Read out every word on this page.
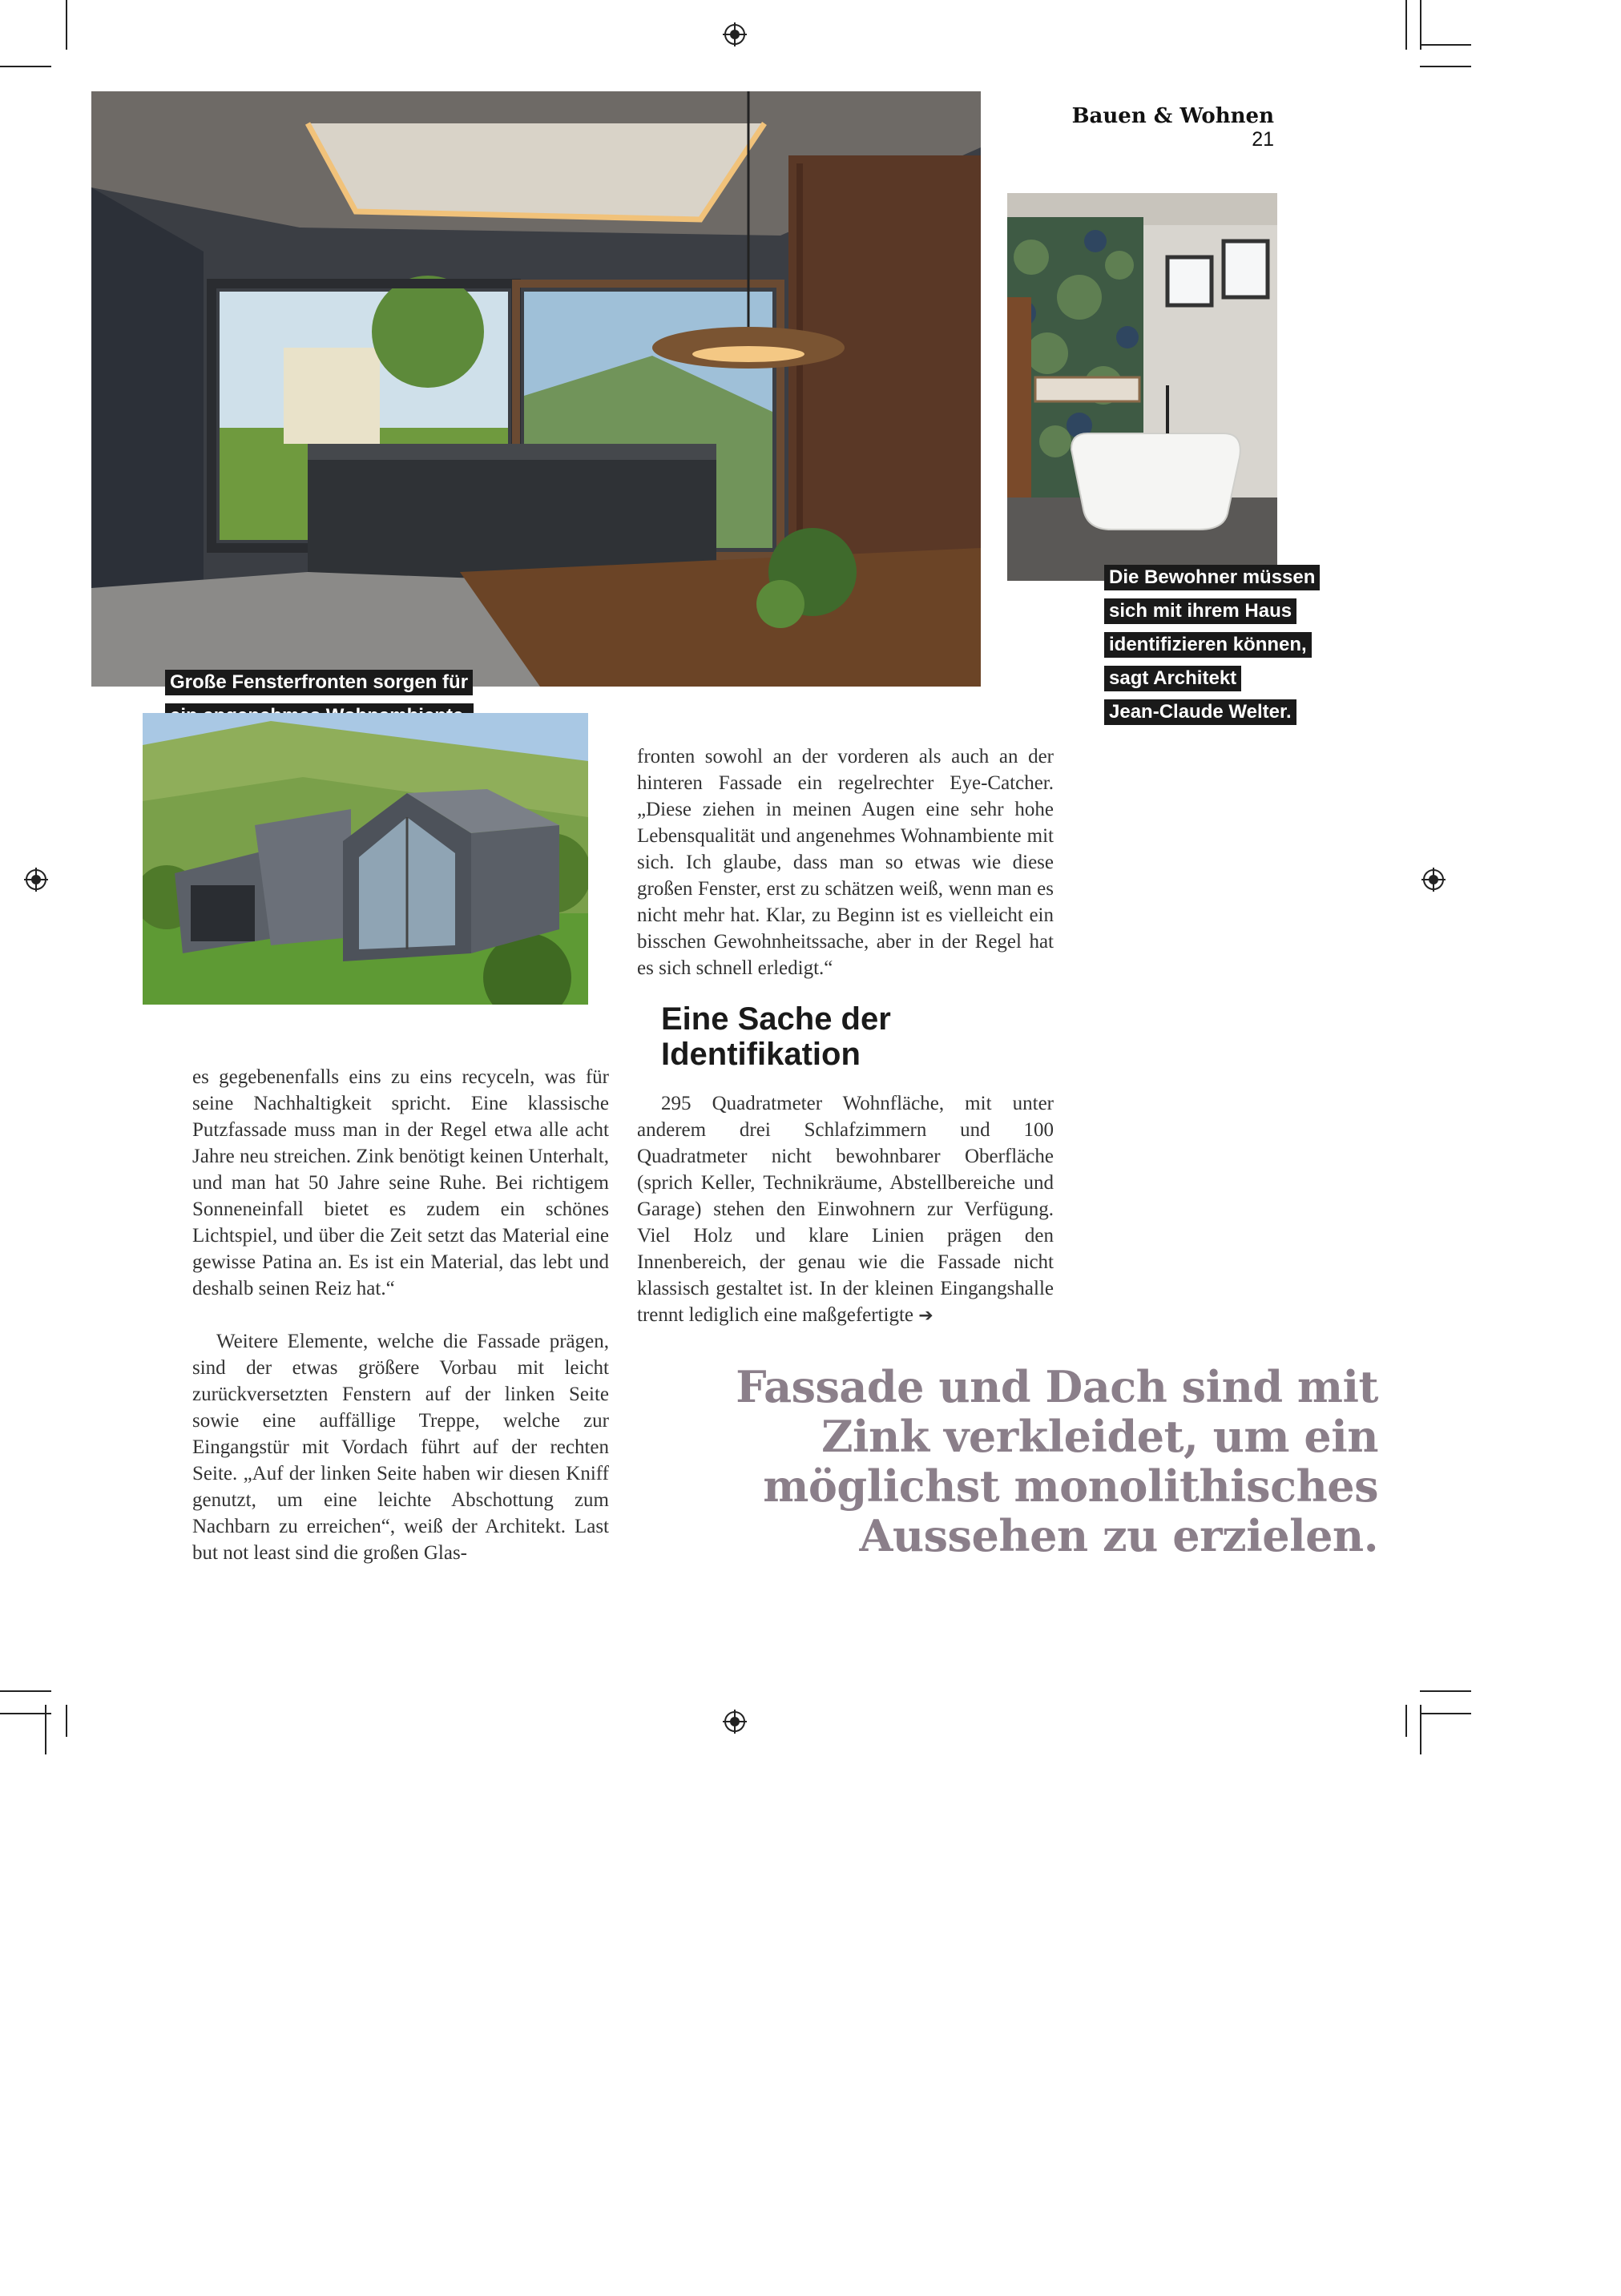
Bauen & Wohnen
21
Große Fensterfronten sorgen für
Die Bewohner müssen
sich mit ihrem Haus
identifizieren können,
sagt Architekt
Jean-Claude Welter.

es gegebenenfalls eins zu eins recyceln, was für seine Nachhaltigkeit spricht. Eine klassische Putzfassade muss man in der Regel etwa alle acht Jahre neu streichen. Zink benötigt keinen Unterhalt, und man hat 50 Jahre seine Ruhe. Bei richtigem Sonneneinfall bietet es zudem ein schönes Lichtspiel, und über die Zeit setzt das Material eine gewisse Patina an. Es ist ein Material, das lebt und deshalb seinen Reiz hat.“

Weitere Elemente, welche die Fassade prägen, sind der etwas größere Vorbau mit leicht zurückversetzten Fenstern auf der linken Seite sowie eine auffällige Treppe, welche zur Eingangstür mit Vordach führt auf der rechten Seite. „Auf der linken Seite haben wir diesen Kniff genutzt, um eine leichte Abschottung zum Nachbarn zu erreichen“, weiß der Architekt. Last but not least sind die großen Glas-

fronten sowohl an der vorderen als auch an der hinteren Fassade ein regelrechter Eye-Catcher. „Diese ziehen in meinen Augen eine sehr hohe Lebensqualität und angenehmes Wohnambiente mit sich. Ich glaube, dass man so etwas wie diese großen Fenster, erst zu schätzen weiß, wenn man es nicht mehr hat. Klar, zu Beginn ist es vielleicht ein bisschen Gewohnheitssache, aber in der Regel hat es sich schnell erledigt.“

Eine Sache der Identifikation

295 Quadratmeter Wohnfläche, mit unter anderem drei Schlafzimmern und 100 Quadratmeter nicht bewohnbarer Oberfläche (sprich Keller, Technikräume, Abstellbereiche und Garage) stehen den Einwohnern zur Verfügung. Viel Holz und klare Linien prägen den Innenbereich, der genau wie die Fassade nicht klassisch gestaltet ist. In der kleinen Eingangshalle trennt lediglich eine maßgefertigte ➔

Fassade und Dach sind mit
Zink verkleidet, um ein
möglichst monolithisches
Aussehen zu erzielen.
